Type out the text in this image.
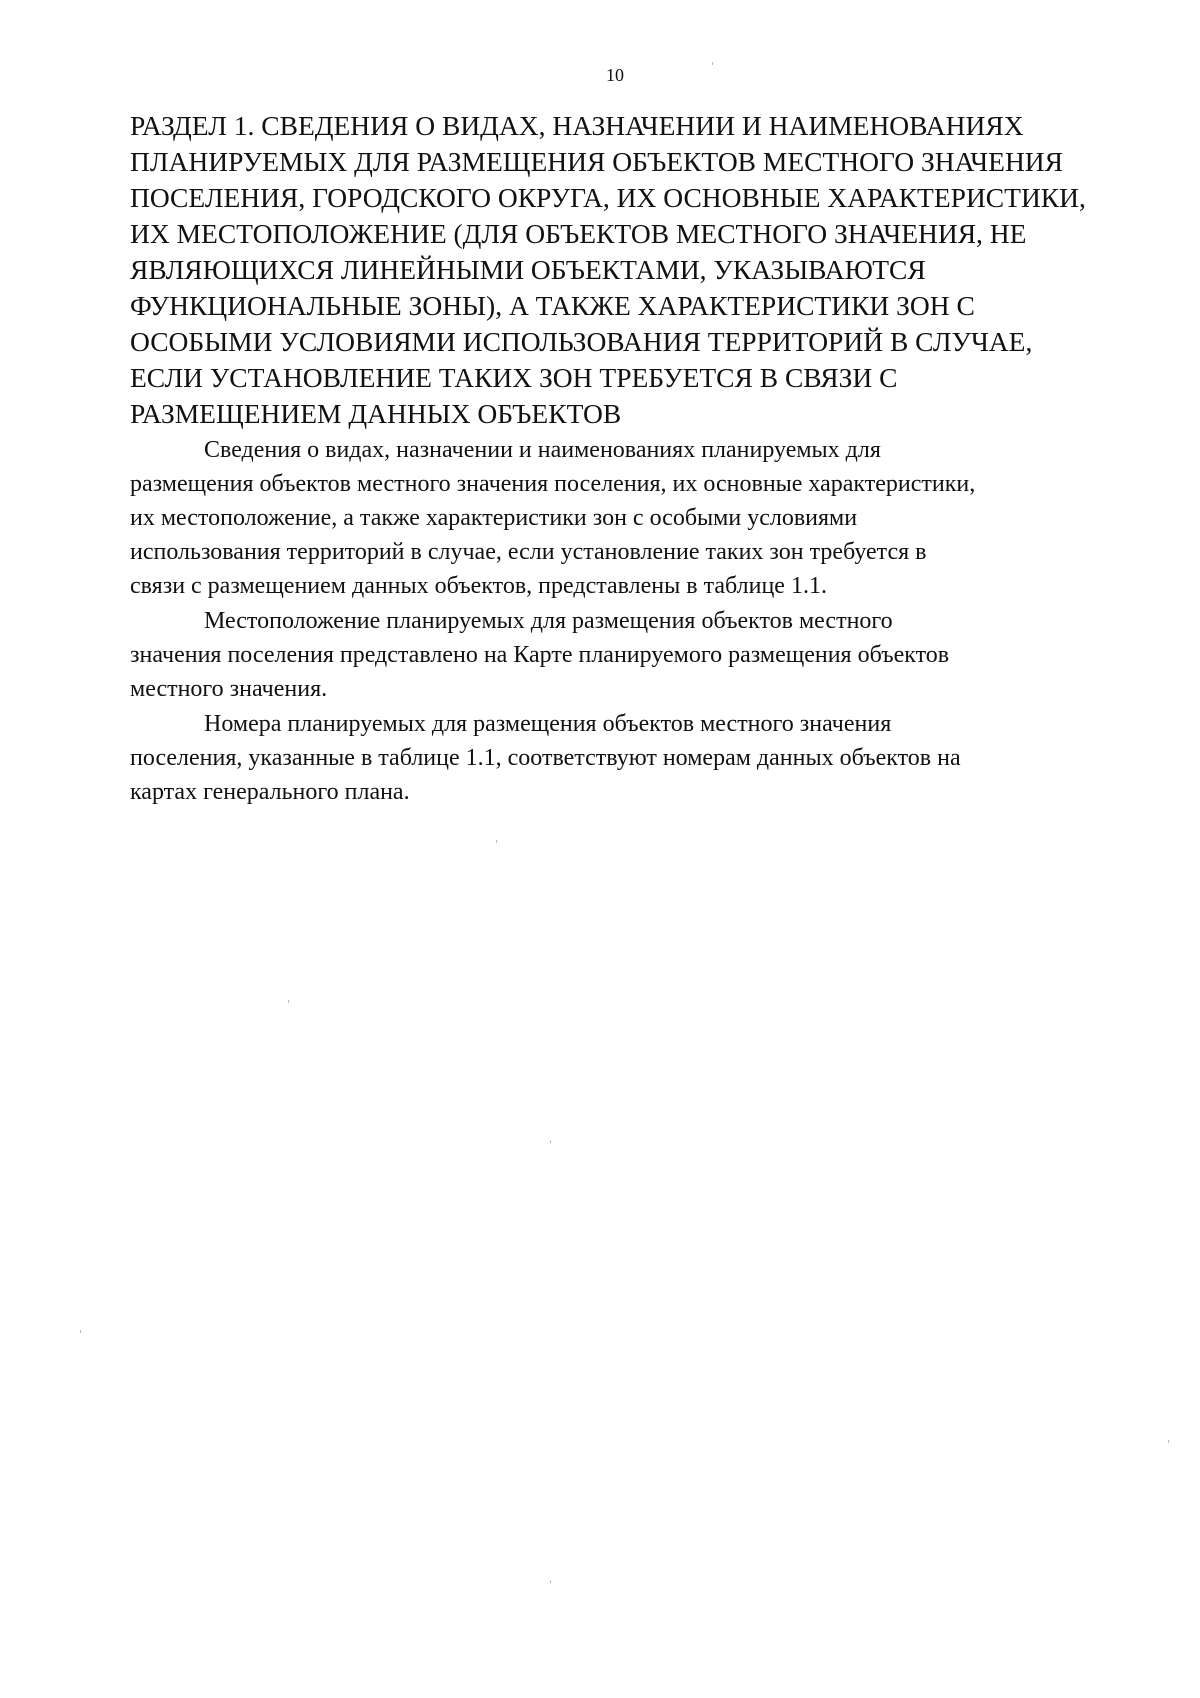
10
РАЗДЕЛ 1. СВЕДЕНИЯ О ВИДАХ, НАЗНАЧЕНИИ И НАИМЕНОВАНИЯХ
ПЛАНИРУЕМЫХ ДЛЯ РАЗМЕЩЕНИЯ ОБЪЕКТОВ МЕСТНОГО ЗНАЧЕНИЯ
ПОСЕЛЕНИЯ, ГОРОДСКОГО ОКРУГА, ИХ ОСНОВНЫЕ ХАРАКТЕРИСТИКИ,
ИХ МЕСТОПОЛОЖЕНИЕ (ДЛЯ ОБЪЕКТОВ МЕСТНОГО ЗНАЧЕНИЯ, НЕ
ЯВЛЯЮЩИХСЯ ЛИНЕЙНЫМИ ОБЪЕКТАМИ, УКАЗЫВАЮТСЯ
ФУНКЦИОНАЛЬНЫЕ ЗОНЫ), А ТАКЖЕ ХАРАКТЕРИСТИКИ ЗОН С
ОСОБЫМИ УСЛОВИЯМИ ИСПОЛЬЗОВАНИЯ ТЕРРИТОРИЙ В СЛУЧАЕ,
ЕСЛИ УСТАНОВЛЕНИЕ ТАКИХ ЗОН ТРЕБУЕТСЯ В СВЯЗИ С
РАЗМЕЩЕНИЕМ ДАННЫХ ОБЪЕКТОВ

Сведения о видах, назначении и наименованиях планируемых для
размещения объектов местного значения поселения, их основные характеристики,
их местоположение, а также характеристики зон с особыми условиями
использования территорий в случае, если установление таких зон требуется в
связи с размещением данных объектов, представлены в таблице 1.1.

Местоположение планируемых для размещения объектов местного
значения поселения представлено на Карте планируемого размещения объектов
местного значения.

Номера планируемых для размещения объектов местного значения
поселения, указанные в таблице 1.1, соответствуют номерам данных объектов на
картах генерального плана.
